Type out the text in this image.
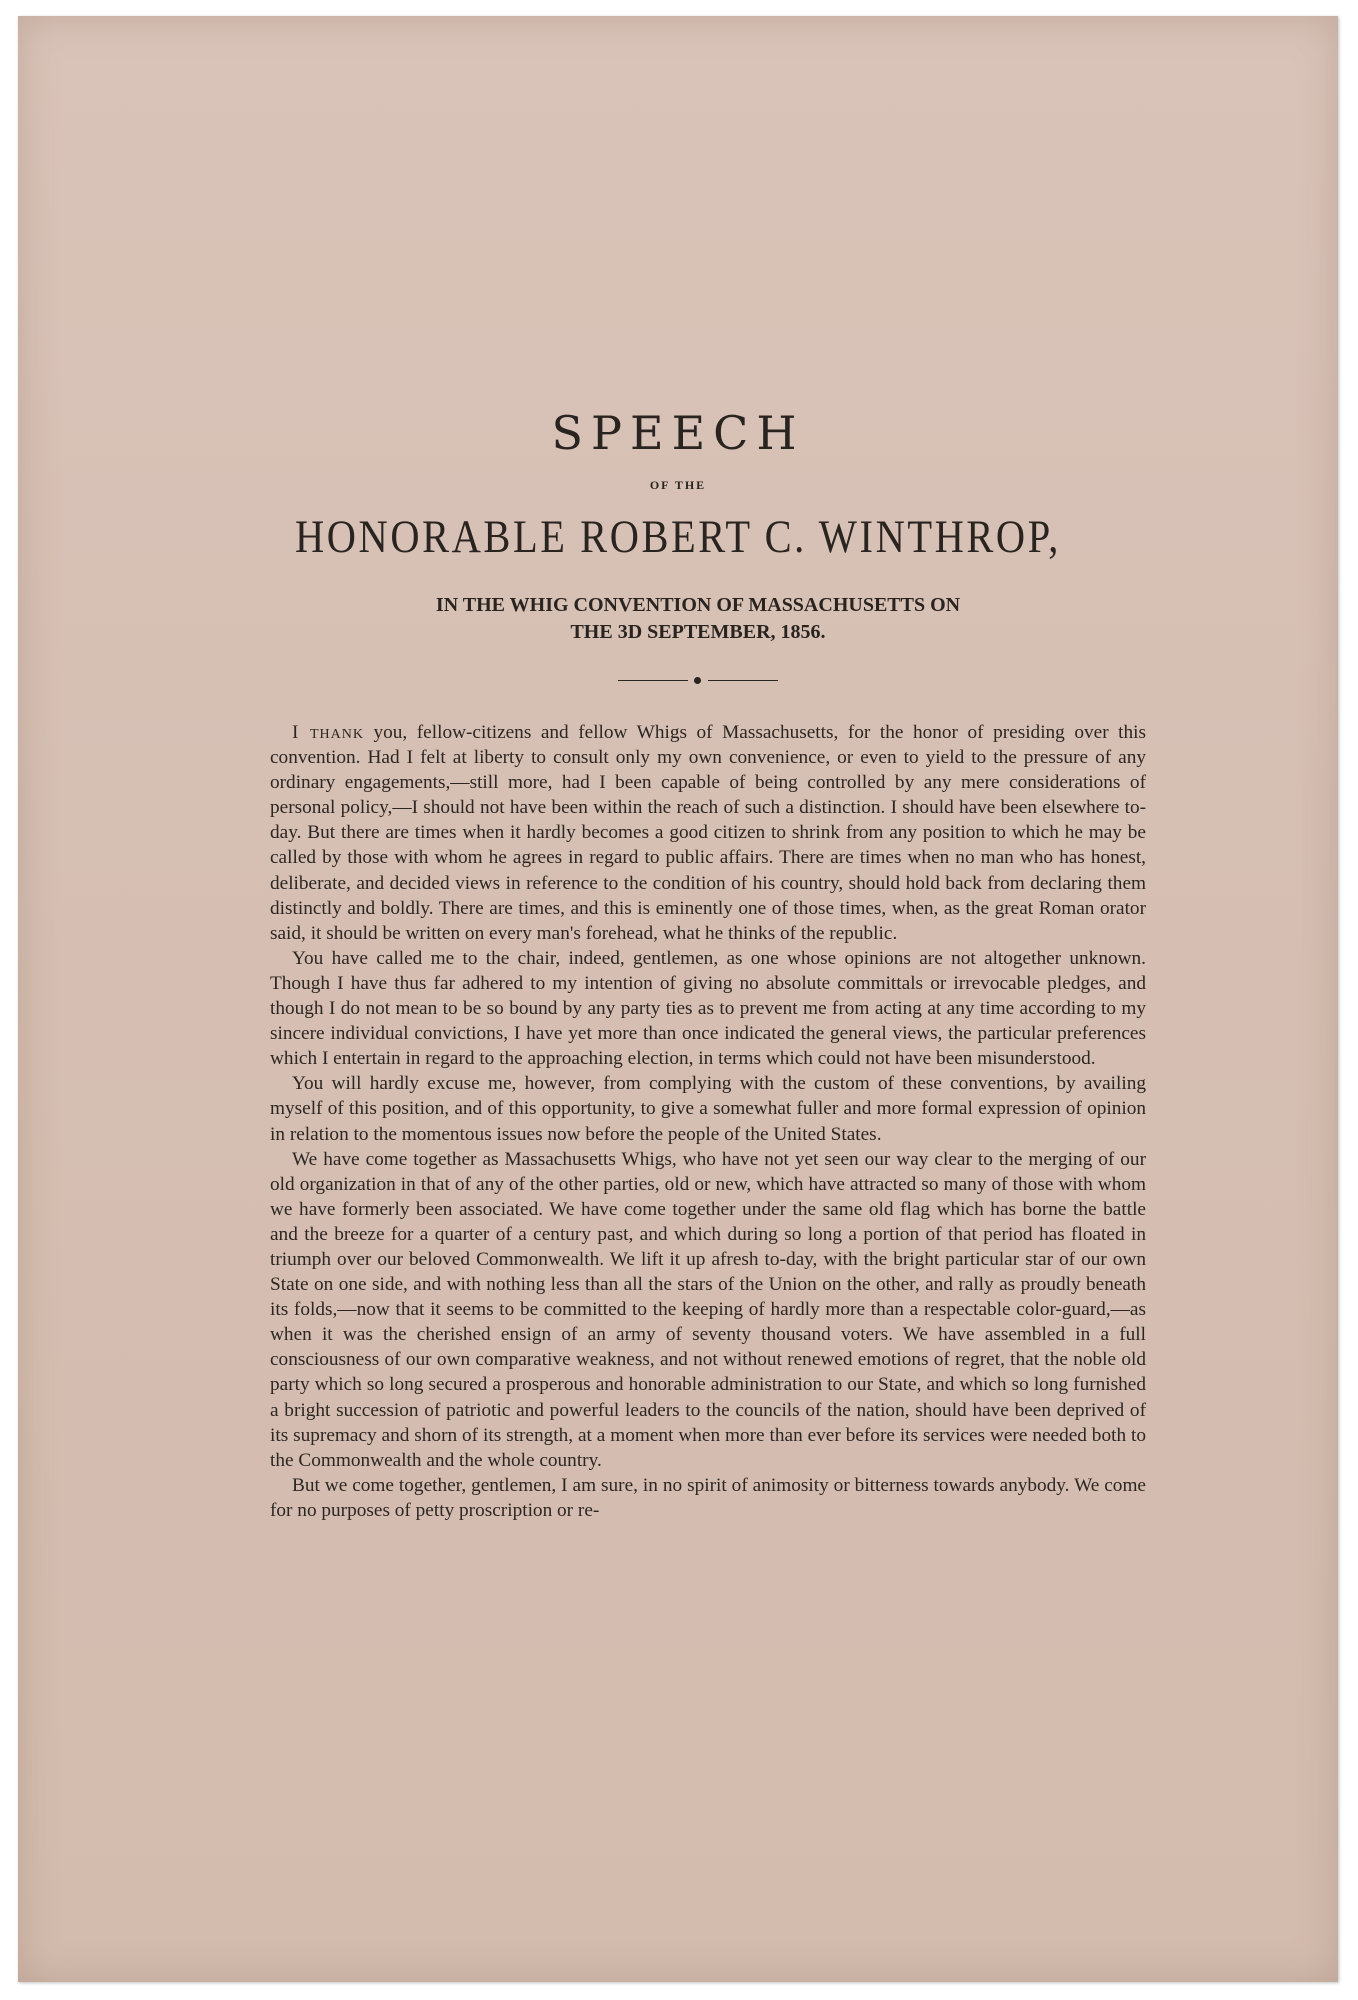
SPEECH
OF THE
HONORABLE ROBERT C. WINTHROP,
IN THE WHIG CONVENTION OF MASSACHUSETTS ON
THE 3D SEPTEMBER, 1856.

I thank you, fellow-citizens and fellow Whigs of Massachusetts, for the honor of presiding over this convention. Had I felt at liberty to consult only my own convenience, or even to yield to the pressure of any ordinary engagements,—still more, had I been capable of being controlled by any mere considerations of personal policy,—I should not have been within the reach of such a distinction. I should have been elsewhere to-day. But there are times when it hardly becomes a good citizen to shrink from any position to which he may be called by those with whom he agrees in regard to public affairs. There are times when no man who has honest, deliberate, and decided views in reference to the condition of his country, should hold back from declaring them distinctly and boldly. There are times, and this is eminently one of those times, when, as the great Roman orator said, it should be written on every man's forehead, what he thinks of the republic.

You have called me to the chair, indeed, gentlemen, as one whose opinions are not altogether unknown. Though I have thus far adhered to my intention of giving no absolute committals or irrevocable pledges, and though I do not mean to be so bound by any party ties as to prevent me from acting at any time according to my sincere individual convictions, I have yet more than once indicated the general views, the particular preferences which I entertain in regard to the approaching election, in terms which could not have been misunderstood.

You will hardly excuse me, however, from complying with the custom of these conventions, by availing myself of this position, and of this opportunity, to give a somewhat fuller and more formal expression of opinion in relation to the momentous issues now before the people of the United States.

We have come together as Massachusetts Whigs, who have not yet seen our way clear to the merging of our old organization in that of any of the other parties, old or new, which have attracted so many of those with whom we have formerly been associated. We have come together under the same old flag which has borne the battle and the breeze for a quarter of a century past, and which during so long a portion of that period has floated in triumph over our beloved Commonwealth. We lift it up afresh to-day, with the bright particular star of our own State on one side, and with nothing less than all the stars of the Union on the other, and rally as proudly beneath its folds,—now that it seems to be committed to the keeping of hardly more than a respectable color-guard,—as when it was the cherished ensign of an army of seventy thousand voters. We have assembled in a full consciousness of our own comparative weakness, and not without renewed emotions of regret, that the noble old party which so long secured a prosperous and honorable administration to our State, and which so long furnished a bright succession of patriotic and powerful leaders to the councils of the nation, should have been deprived of its supremacy and shorn of its strength, at a moment when more than ever before its services were needed both to the Commonwealth and the whole country.

But we come together, gentlemen, I am sure, in no spirit of animosity or bitterness towards anybody. We come for no purposes of petty proscription or re-
